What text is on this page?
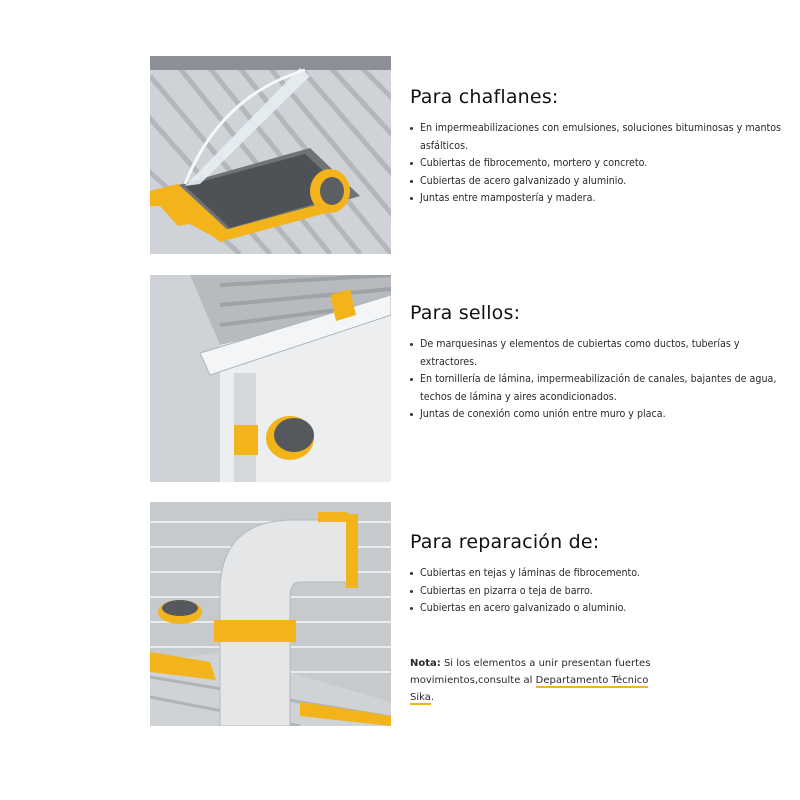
Para chaflanes:
En impermeabilizaciones con emulsiones, soluciones bituminosas y mantos asfálticos.
Cubiertas de fibrocemento, mortero y concreto.
Cubiertas de acero galvanizado y aluminio.
Juntas entre mampostería y madera.
Para sellos:
De marquesinas y elementos de cubiertas como ductos, tuberías y extractores.
En tornillería de lámina, impermeabilización de canales, bajantes de agua, techos de lámina y aires acondicionados.
Juntas de conexión como unión entre muro y placa.
Para reparación de:
Cubiertas en tejas y láminas de fibrocemento.
Cubiertas en pizarra o teja de barro.
Cubiertas en acero galvanizado o aluminio.
Nota: Si los elementos a unir presentan fuertes movimientos,consulte al Departamento Técnico Sika.
